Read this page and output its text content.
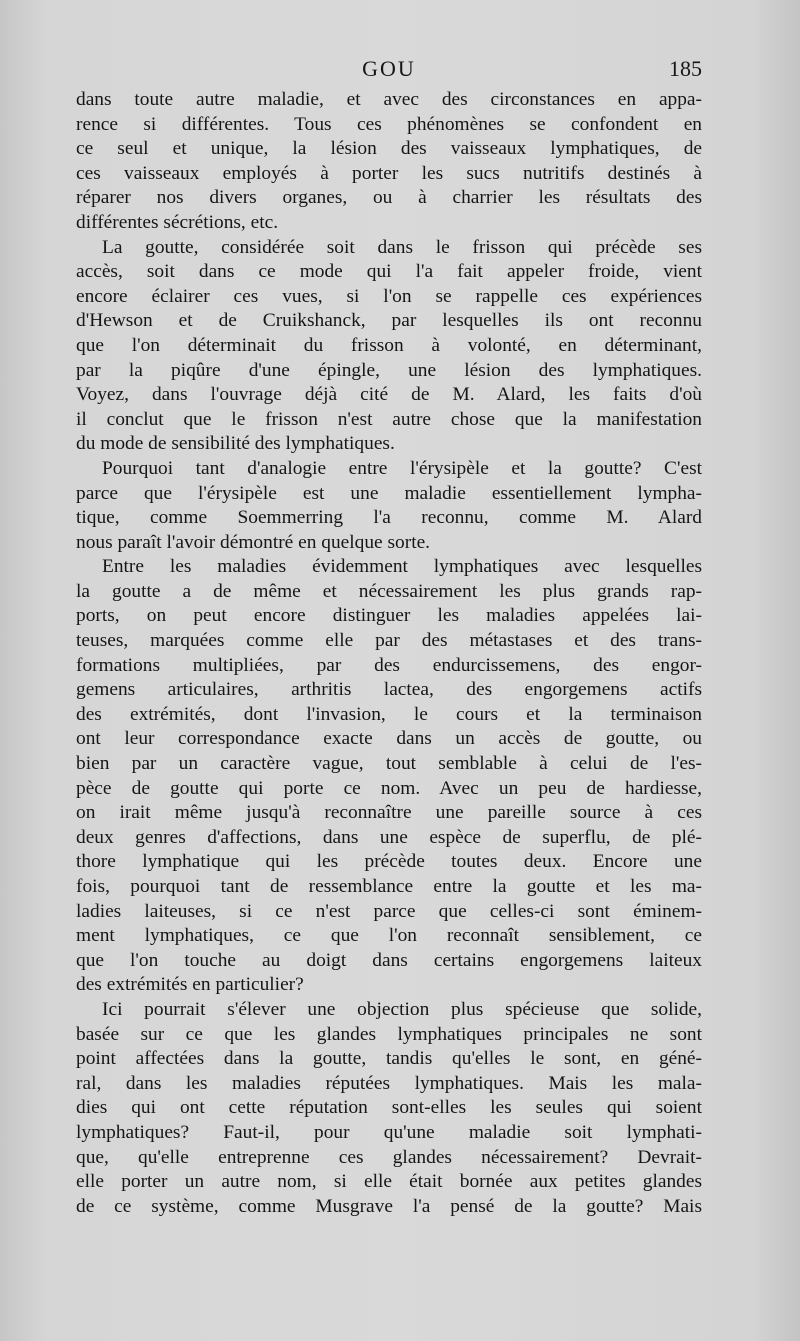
GOU	185
dans toute autre maladie, et avec des circonstances en appa-
rence si différentes. Tous ces phénomènes se confondent en
ce seul et unique, la lésion des vaisseaux lymphatiques, de
ces vaisseaux employés à porter les sucs nutritifs destinés à
réparer nos divers organes, ou à charrier les résultats des
différentes sécrétions, etc.
La goutte, considérée soit dans le frisson qui précède ses
accès, soit dans ce mode qui l'a fait appeler froide, vient
encore éclairer ces vues, si l'on se rappelle ces expériences
d'Hewson et de Cruikshanck, par lesquelles ils ont reconnu
que l'on déterminait du frisson à volonté, en déterminant,
par la piqûre d'une épingle, une lésion des lymphatiques.
Voyez, dans l'ouvrage déjà cité de M. Alard, les faits d'où
il conclut que le frisson n'est autre chose que la manifestation
du mode de sensibilité des lymphatiques.
Pourquoi tant d'analogie entre l'érysipèle et la goutte? C'est
parce que l'érysipèle est une maladie essentiellement lympha-
tique, comme Soemmerring l'a reconnu, comme M. Alard
nous paraît l'avoir démontré en quelque sorte.
Entre les maladies évidemment lymphatiques avec lesquelles
la goutte a de même et nécessairement les plus grands rap-
ports, on peut encore distinguer les maladies appelées lai-
teuses, marquées comme elle par des métastases et des trans-
formations multipliées, par des endurcissemens, des engor-
gemens articulaires, arthritis lactea, des engorgemens actifs
des extrémités, dont l'invasion, le cours et la terminaison
ont leur correspondance exacte dans un accès de goutte, ou
bien par un caractère vague, tout semblable à celui de l'es-
pèce de goutte qui porte ce nom. Avec un peu de hardiesse,
on irait même jusqu'à reconnaître une pareille source à ces
deux genres d'affections, dans une espèce de superflu, de plé-
thore lymphatique qui les précède toutes deux. Encore une
fois, pourquoi tant de ressemblance entre la goutte et les ma-
ladies laiteuses, si ce n'est parce que celles-ci sont éminem-
ment lymphatiques, ce que l'on reconnaît sensiblement, ce
que l'on touche au doigt dans certains engorgemens laiteux
des extrémités en particulier?
Ici pourrait s'élever une objection plus spécieuse que solide,
basée sur ce que les glandes lymphatiques principales ne sont
point affectées dans la goutte, tandis qu'elles le sont, en géné-
ral, dans les maladies réputées lymphatiques. Mais les mala-
dies qui ont cette réputation sont-elles les seules qui soient
lymphatiques? Faut-il, pour qu'une maladie soit lymphati-
que, qu'elle entreprenne ces glandes nécessairement? Devrait-
elle porter un autre nom, si elle était bornée aux petites glandes
de ce système, comme Musgrave l'a pensé de la goutte? Mais
